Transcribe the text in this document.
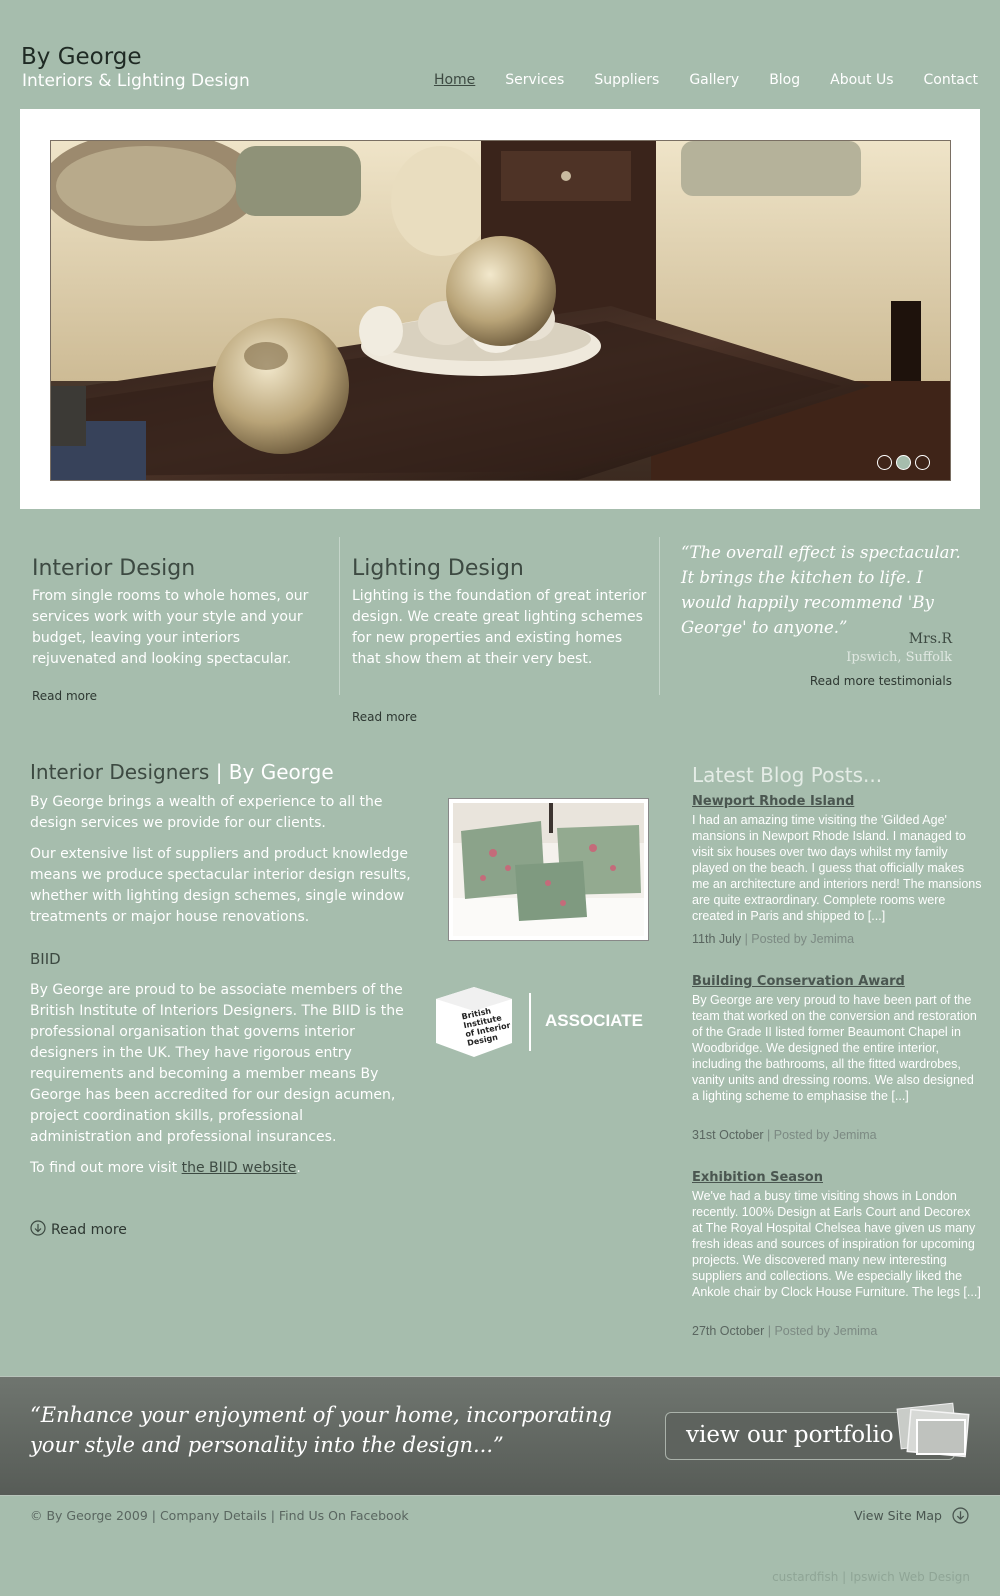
By George
Interiors & Lighting Design	Home Services Suppliers Gallery Blog About Us Contact
Interior Design
From single rooms to whole homes, our services work with your style and your budget, leaving your interiors rejuvenated and looking spectacular.
Read more
Lighting Design
Lighting is the foundation of great interior design. We create great lighting schemes for new properties and existing homes that show them at their very best.
Read more
“The overall effect is spectacular. It brings the kitchen to life. I would happily recommend 'By George' to anyone.”
Mrs.R
Ipswich, Suffolk
Read more testimonials
Interior Designers | By George
By George brings a wealth of experience to all the design services we provide for our clients.
Our extensive list of suppliers and product knowledge means we produce spectacular interior design results, whether with lighting design schemes, single window treatments or major house renovations.
BIID
By George are proud to be associate members of the British Institute of Interiors Designers. The BIID is the professional organisation that governs interior designers in the UK. They have rigorous entry requirements and becoming a member means By George has been accredited for our design acumen, project coordination skills, professional administration and professional insurances.
To find out more visit the BIID website.
Read more
British Institute of Interior Design
ASSOCIATE
Latest Blog Posts...
Newport Rhode Island
I had an amazing time visiting the 'Gilded Age' mansions in Newport Rhode Island. I managed to visit six houses over two days whilst my family played on the beach. I guess that officially makes me an architecture and interiors nerd! The mansions are quite extraordinary. Complete rooms were created in Paris and shipped to [...]
11th July | Posted by Jemima
Building Conservation Award
By George are very proud to have been part of the team that worked on the conversion and restoration of the Grade II listed former Beaumont Chapel in Woodbridge. We designed the entire interior, including the bathrooms, all the fitted wardrobes, vanity units and dressing rooms. We also designed a lighting scheme to emphasise the [...]
31st October | Posted by Jemima
Exhibition Season
We've had a busy time visiting shows in London recently. 100% Design at Earls Court and Decorex at The Royal Hospital Chelsea have given us many fresh ideas and sources of inspiration for upcoming projects. We discovered many new interesting suppliers and collections. We especially liked the Ankole chair by Clock House Furniture. The legs [...]
27th October | Posted by Jemima
“Enhance your enjoyment of your home, incorporating
your style and personality into the design...”	view our portfolio
© By George 2009 | Company Details | Find Us On Facebook	View Site Map
custardfish | Ipswich Web Design
